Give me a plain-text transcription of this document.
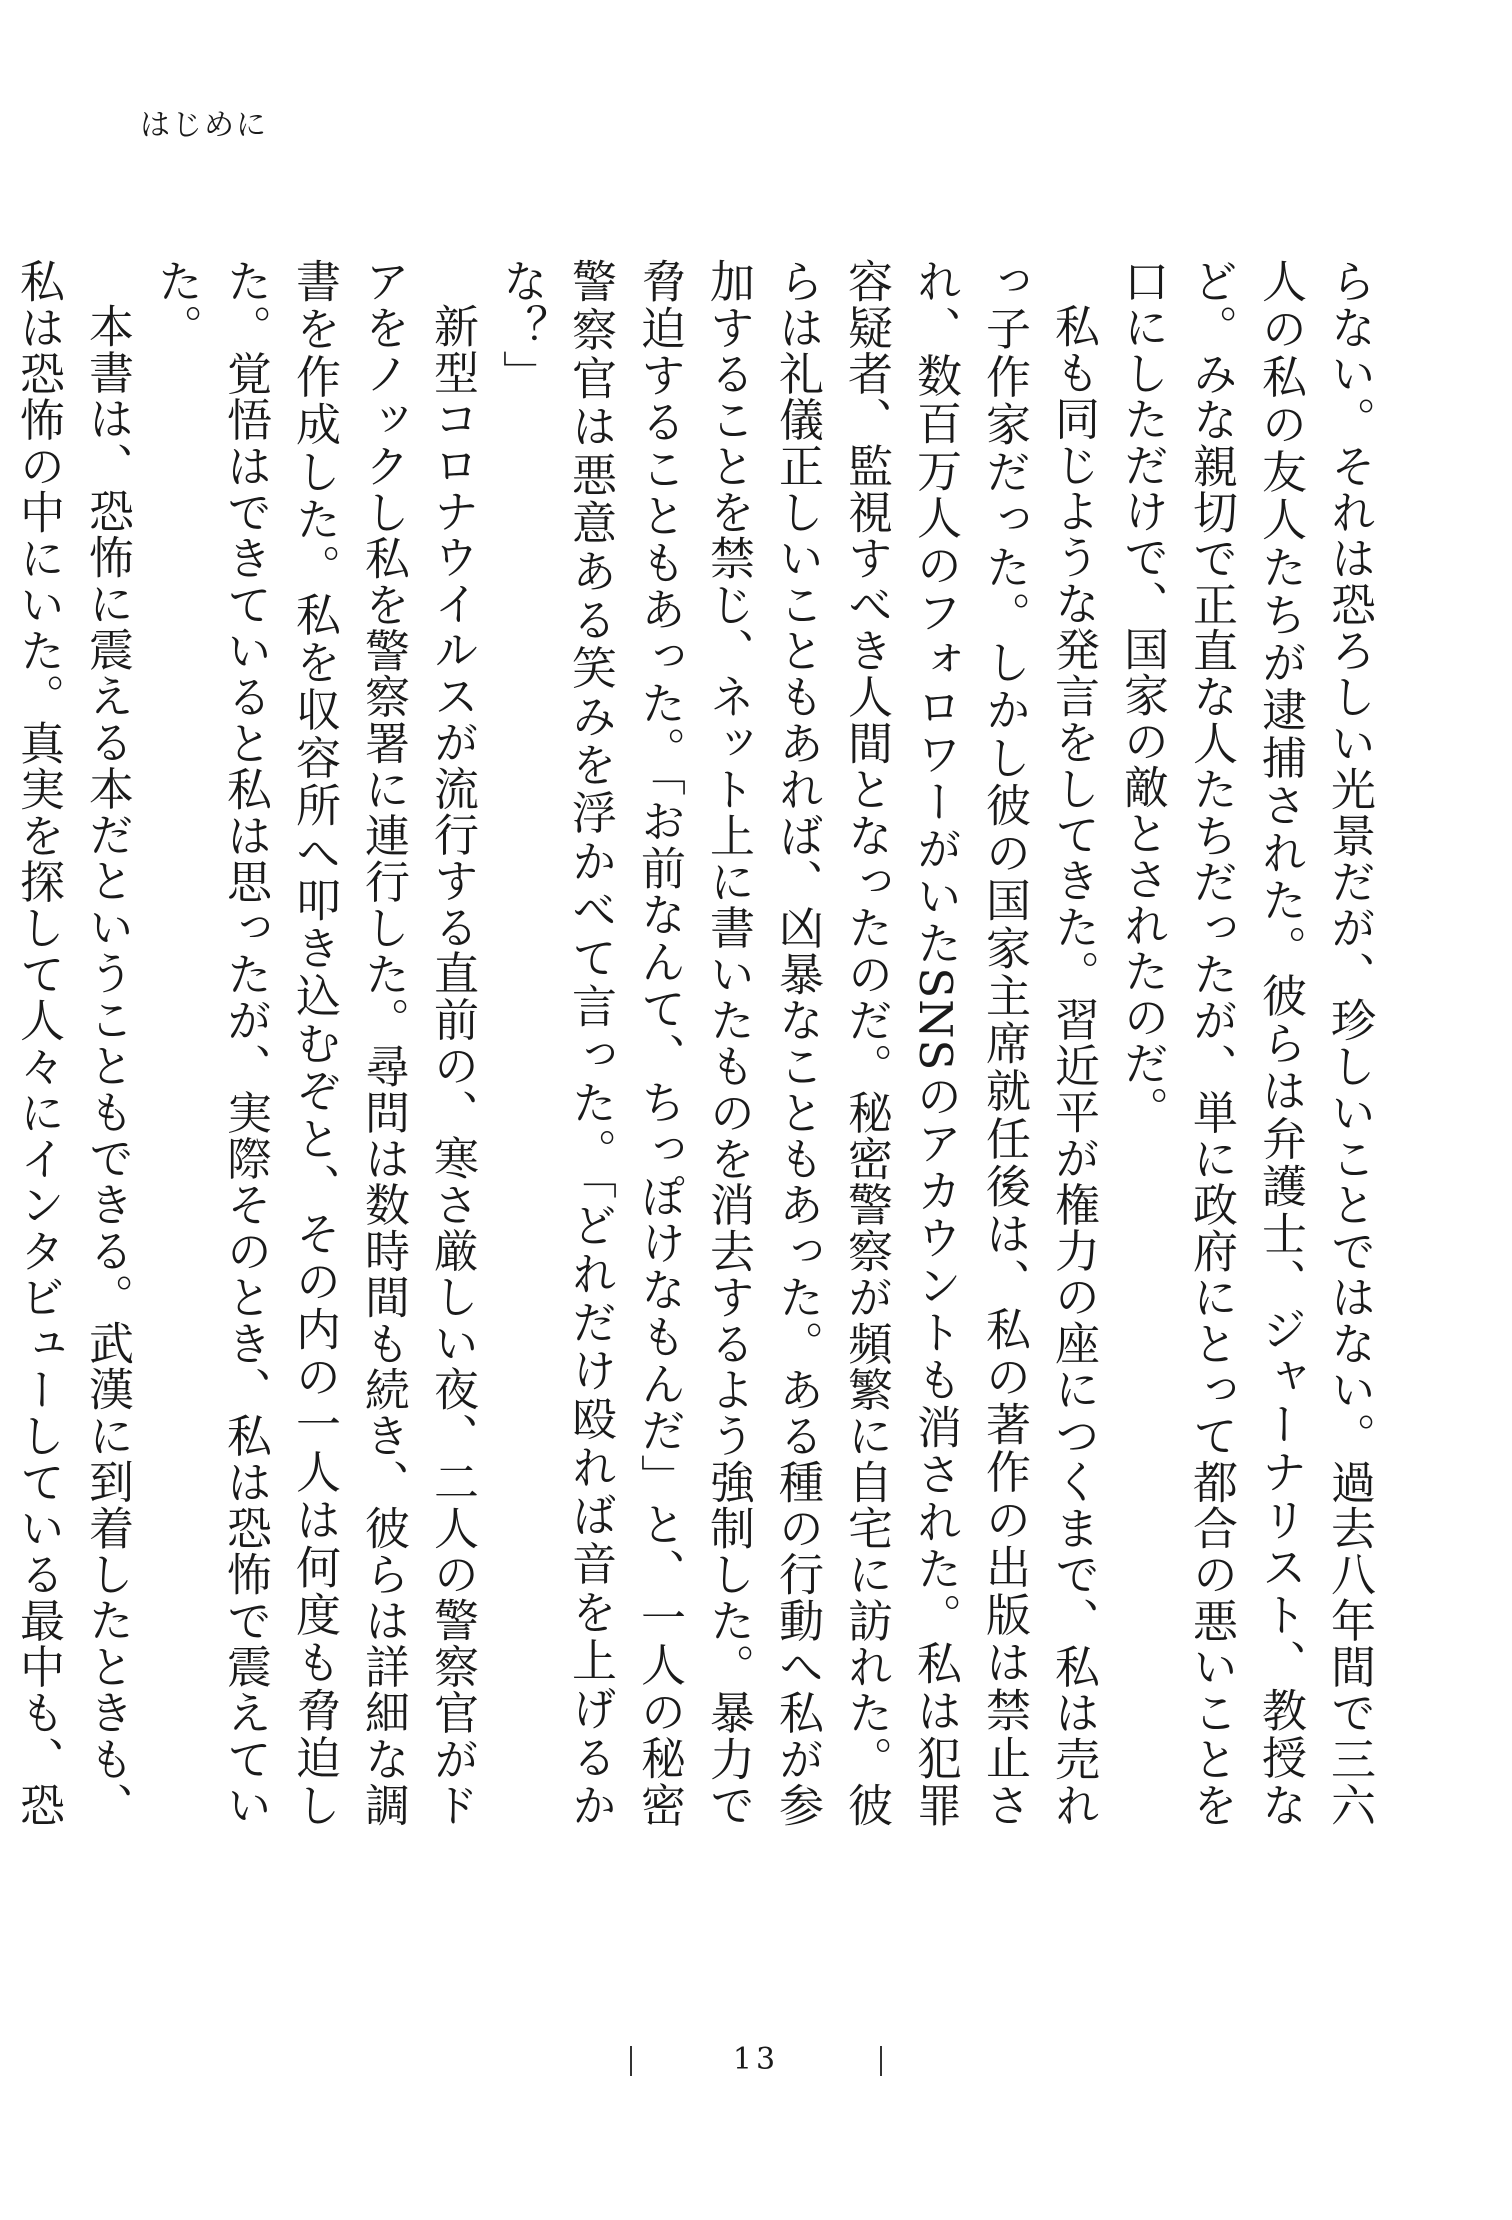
はじめに

らない。それは恐ろしい光景だが、珍しいことではない。過去八年間で三六人の私の友人たちが逮捕された。彼らは弁護士、ジャーナリスト、教授など。みな親切で正直な人たちだったが、単に政府にとって都合の悪いことを口にしただけで、国家の敵とされたのだ。

私も同じような発言をしてきた。習近平が権力の座につくまで、私は売れっ子作家だった。しかし彼の国家主席就任後は、私の著作の出版は禁止され、数百万人のフォロワーがいたSNSのアカウントも消された。私は犯罪容疑者、監視すべき人間となったのだ。秘密警察が頻繁に自宅に訪れた。彼らは礼儀正しいこともあれば、凶暴なこともあった。ある種の行動へ私が参加することを禁じ、ネット上に書いたものを消去するよう強制した。暴力で脅迫することもあった。「お前なんて、ちっぽけなもんだ」と、一人の秘密警察官は悪意ある笑みを浮かべて言った。「どれだけ殴れば音を上げるかな？」

新型コロナウイルスが流行する直前の、寒さ厳しい夜、二人の警察官がドアをノックし私を警察署に連行した。尋問は数時間も続き、彼らは詳細な調書を作成した。私を収容所へ叩き込むぞと、その内の一人は何度も脅迫した。覚悟はできていると私は思ったが、実際そのとき、私は恐怖で震えていた。

本書は、恐怖に震える本だということもできる。武漢に到着したときも、私は恐怖の中にいた。真実を探して人々にインタビューしている最中も、恐

13
